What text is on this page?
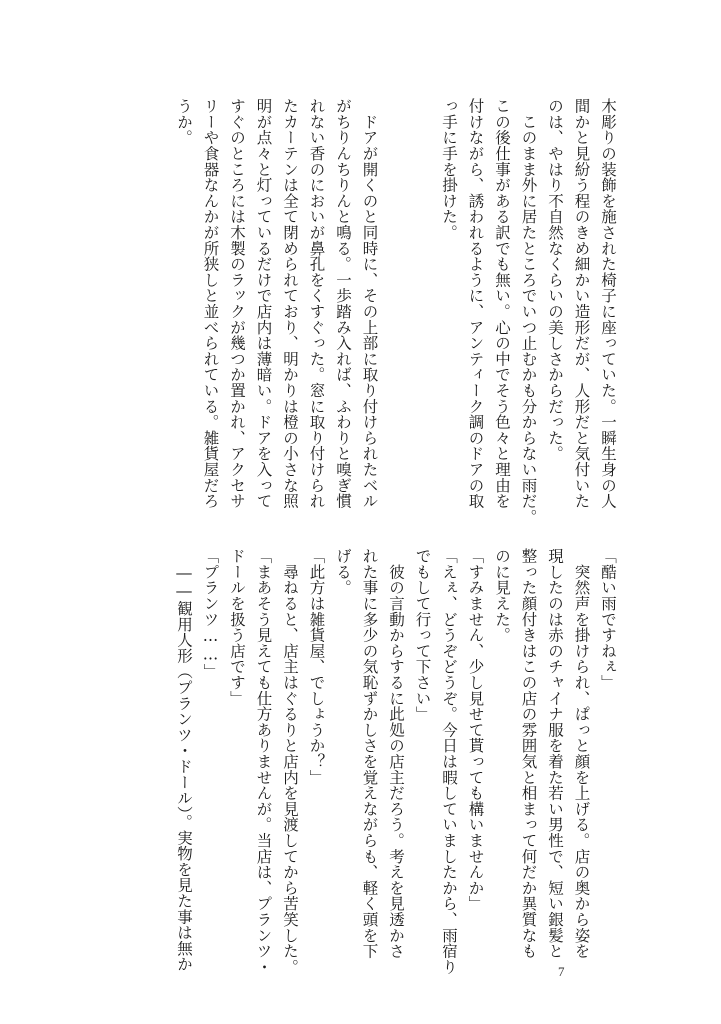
木彫りの装飾を施された椅子に座っていた。一瞬生身の人

間かと見紛う程のきめ細かい造形だが、人形だと気付いた

のは、やはり不自然なくらいの美しさからだった。

　このまま外に居たところでいつ止むかも分からない雨だ。

この後仕事がある訳でも無い。心の中でそう色々と理由を

付けながら、誘われるように、アンティーク調のドアの取

っ手に手を掛けた。

　ドアが開くのと同時に、その上部に取り付けられたベル

がちりんちりんと鳴る。一歩踏み入れば、ふわりと嗅ぎ慣

れない香のにおいが鼻孔をくすぐった。窓に取り付けられ

たカーテンは全て閉められており、明かりは橙の小さな照

明が点々と灯っているだけで店内は薄暗い。ドアを入って

すぐのところには木製のラックが幾つか置かれ、アクセサ

リーや食器なんかが所狭しと並べられている。雑貨屋だろ

うか。

「酷い雨ですねぇ」

　突然声を掛けられ、ぱっと顔を上げる。店の奥から姿を

現したのは赤のチャイナ服を着た若い男性で、短い銀髪と

整った顔付きはこの店の雰囲気と相まって何だか異質なも

のに見えた。

「すみません、少し見せて貰っても構いませんか」

「えぇ、どうぞどうぞ。今日は暇していましたから、雨宿り

でもして行って下さい」

　彼の言動からするに此処の店主だろう。考えを見透かさ

れた事に多少の気恥ずかしさを覚えながらも、軽く頭を下

げる。

「此方は雑貨屋、でしょうか？」

　尋ねると、店主はぐるりと店内を見渡してから苦笑した。

「まあそう見えても仕方ありませんが。当店は、プランツ・

ドールを扱う店です」

「プランツ……」

　――観用人形（プランツ・ドール）。実物を見た事は無か	7
